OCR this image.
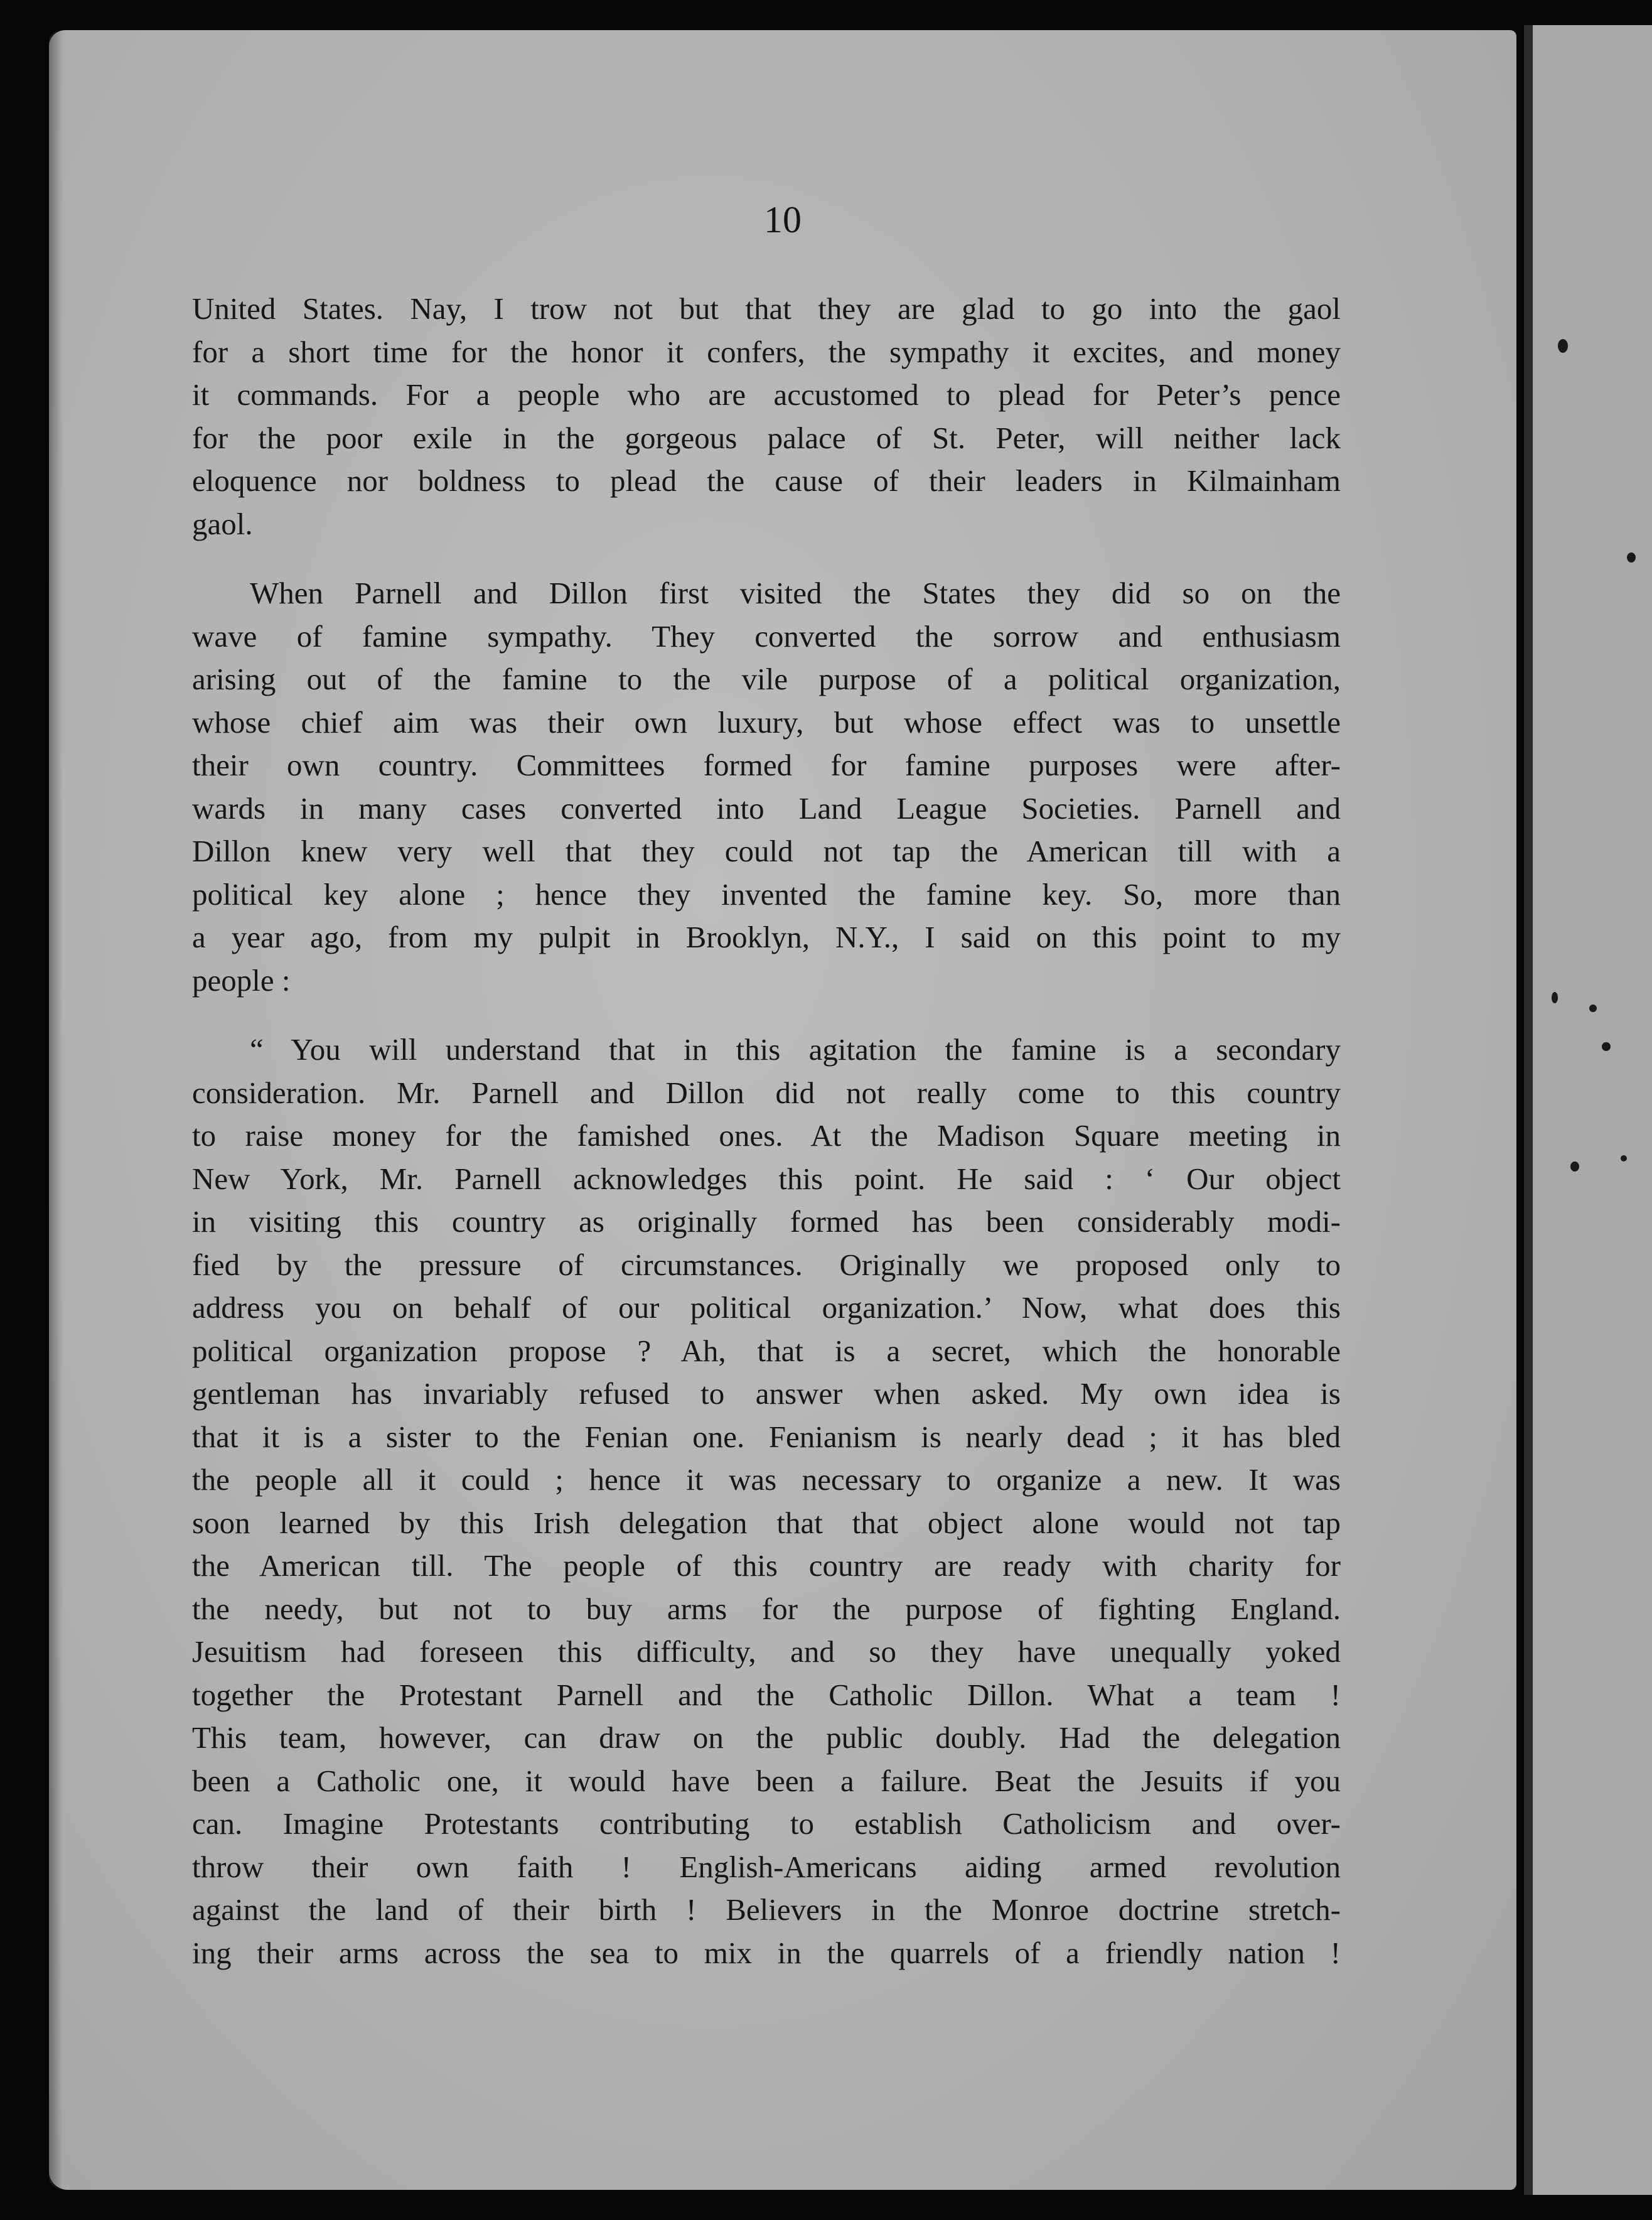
10

United States. Nay, I trow not but that they are glad to go into the gaol
for a short time for the honor it confers, the sympathy it excites, and money
it commands. For a people who are accustomed to plead for Peter’s pence
for the poor exile in the gorgeous palace of St. Peter, will neither lack
eloquence nor boldness to plead the cause of their leaders in Kilmainham
gaol.
When Parnell and Dillon first visited the States they did so on the
wave of famine sympathy. They converted the sorrow and enthusiasm
arising out of the famine to the vile purpose of a political organization,
whose chief aim was their own luxury, but whose effect was to unsettle
their own country. Committees formed for famine purposes were after-
wards in many cases converted into Land League Societies. Parnell and
Dillon knew very well that they could not tap the American till with a
political key alone ; hence they invented the famine key. So, more than
a year ago, from my pulpit in Brooklyn, N.Y., I said on this point to my
people :
“ You will understand that in this agitation the famine is a secondary
consideration. Mr. Parnell and Dillon did not really come to this country
to raise money for the famished ones. At the Madison Square meeting in
New York, Mr. Parnell acknowledges this point. He said : ‘ Our object
in visiting this country as originally formed has been considerably modi-
fied by the pressure of circumstances. Originally we proposed only to
address you on behalf of our political organization.’ Now, what does this
political organization propose ? Ah, that is a secret, which the honorable
gentleman has invariably refused to answer when asked. My own idea is
that it is a sister to the Fenian one. Fenianism is nearly dead ; it has bled
the people all it could ; hence it was necessary to organize a new. It was
soon learned by this Irish delegation that that object alone would not tap
the American till. The people of this country are ready with charity for
the needy, but not to buy arms for the purpose of fighting England.
Jesuitism had foreseen this difficulty, and so they have unequally yoked
together the Protestant Parnell and the Catholic Dillon. What a team !
This team, however, can draw on the public doubly. Had the delegation
been a Catholic one, it would have been a failure. Beat the Jesuits if you
can. Imagine Protestants contributing to establish Catholicism and over-
throw their own faith ! English-Americans aiding armed revolution
against the land of their birth ! Believers in the Monroe doctrine stretch-
ing their arms across the sea to mix in the quarrels of a friendly nation !
